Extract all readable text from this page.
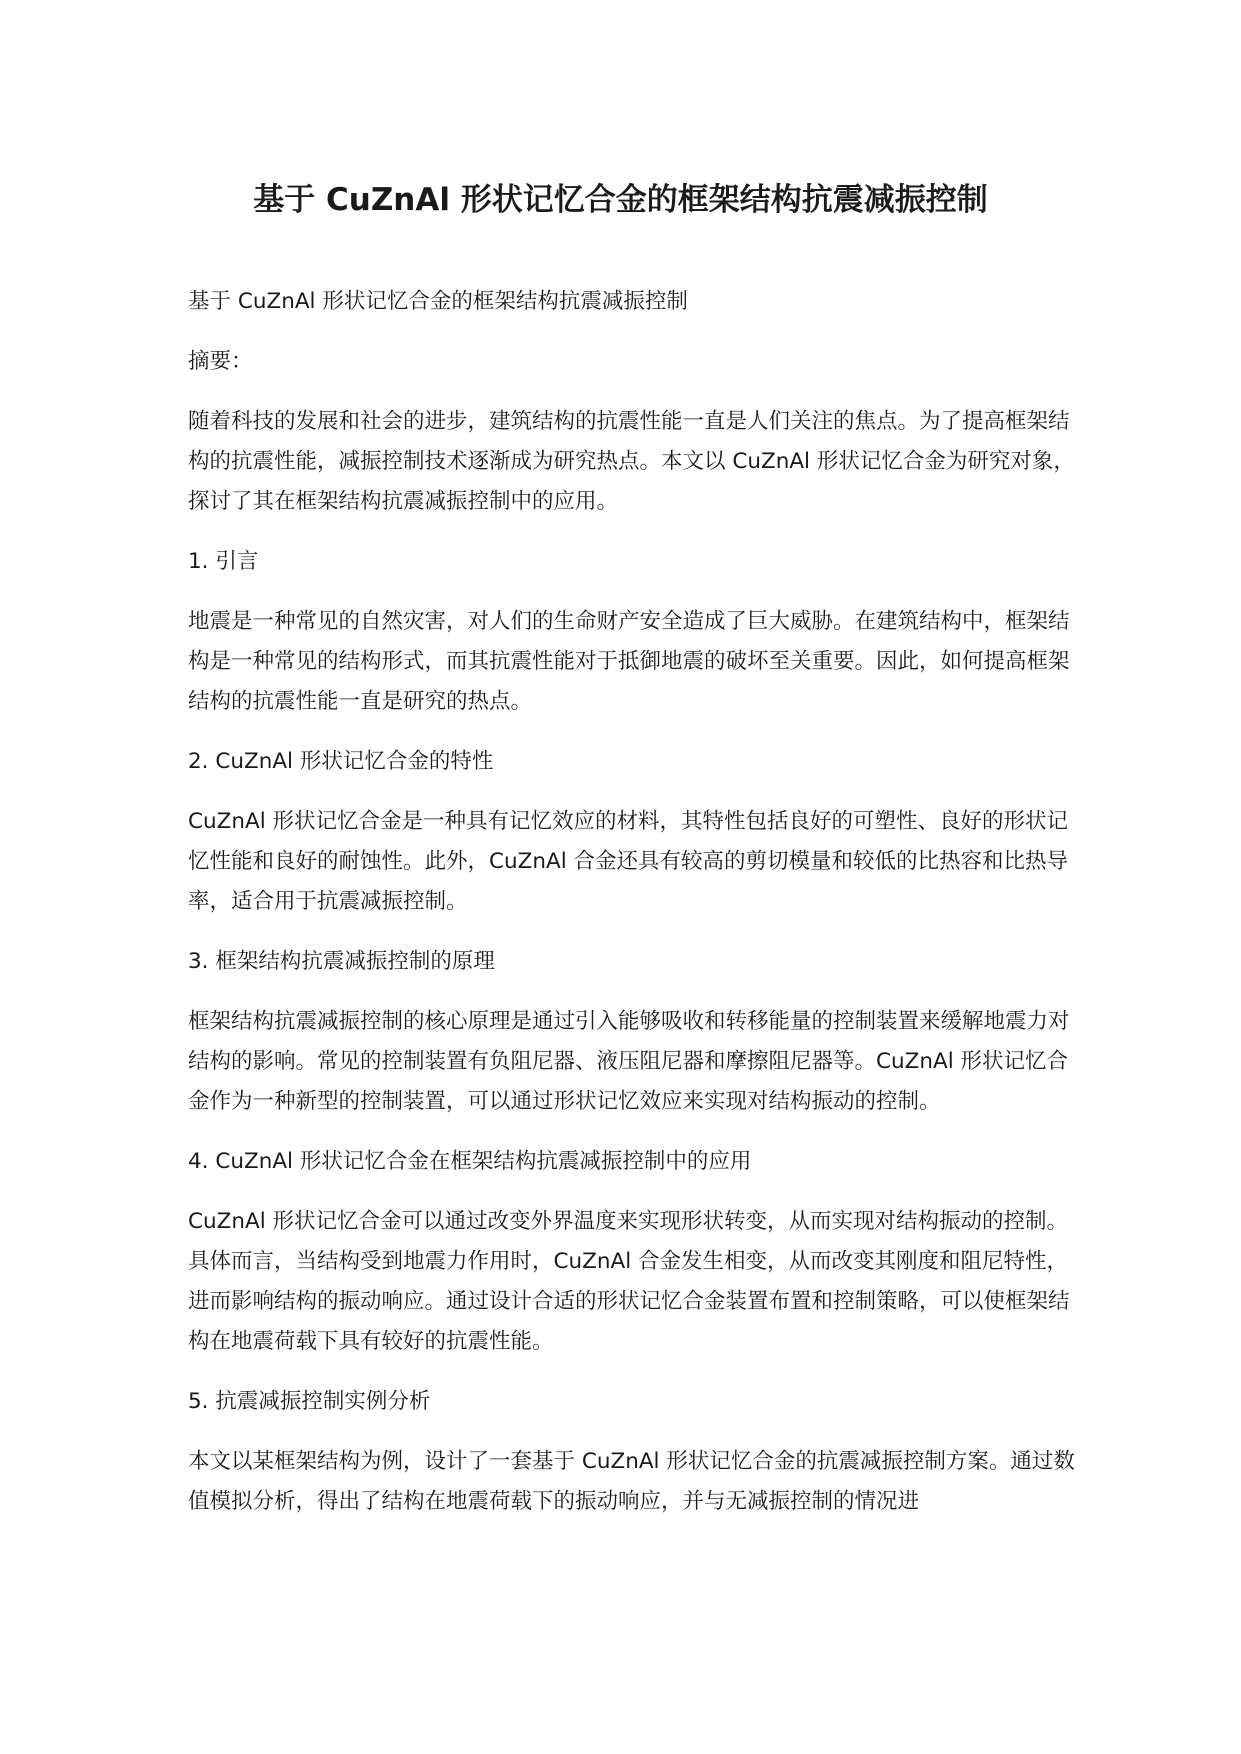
基于 CuZnAl 形状记忆合金的框架结构抗震减振控制

基于 CuZnAl 形状记忆合金的框架结构抗震减振控制

摘要：

随着科技的发展和社会的进步，建筑结构的抗震性能一直是人们关注的焦点。为了提高框架结构的抗震性能，减振控制技术逐渐成为研究热点。本文以 CuZnAl 形状记忆合金为研究对象，探讨了其在框架结构抗震减振控制中的应用。

1. 引言

地震是一种常见的自然灾害，对人们的生命财产安全造成了巨大威胁。在建筑结构中，框架结构是一种常见的结构形式，而其抗震性能对于抵御地震的破坏至关重要。因此，如何提高框架结构的抗震性能一直是研究的热点。

2. CuZnAl 形状记忆合金的特性

CuZnAl 形状记忆合金是一种具有记忆效应的材料，其特性包括良好的可塑性、良好的形状记忆性能和良好的耐蚀性。此外，CuZnAl 合金还具有较高的剪切模量和较低的比热容和比热导率，适合用于抗震减振控制。

3. 框架结构抗震减振控制的原理

框架结构抗震减振控制的核心原理是通过引入能够吸收和转移能量的控制装置来缓解地震力对结构的影响。常见的控制装置有负阻尼器、液压阻尼器和摩擦阻尼器等。CuZnAl 形状记忆合金作为一种新型的控制装置，可以通过形状记忆效应来实现对结构振动的控制。

4. CuZnAl 形状记忆合金在框架结构抗震减振控制中的应用

CuZnAl 形状记忆合金可以通过改变外界温度来实现形状转变，从而实现对结构振动的控制。具体而言，当结构受到地震力作用时，CuZnAl 合金发生相变，从而改变其刚度和阻尼特性，进而影响结构的振动响应。通过设计合适的形状记忆合金装置布置和控制策略，可以使框架结构在地震荷载下具有较好的抗震性能。

5. 抗震减振控制实例分析

本文以某框架结构为例，设计了一套基于 CuZnAl 形状记忆合金的抗震减振控制方案。通过数值模拟分析，得出了结构在地震荷载下的振动响应，并与无减振控制的情况进
